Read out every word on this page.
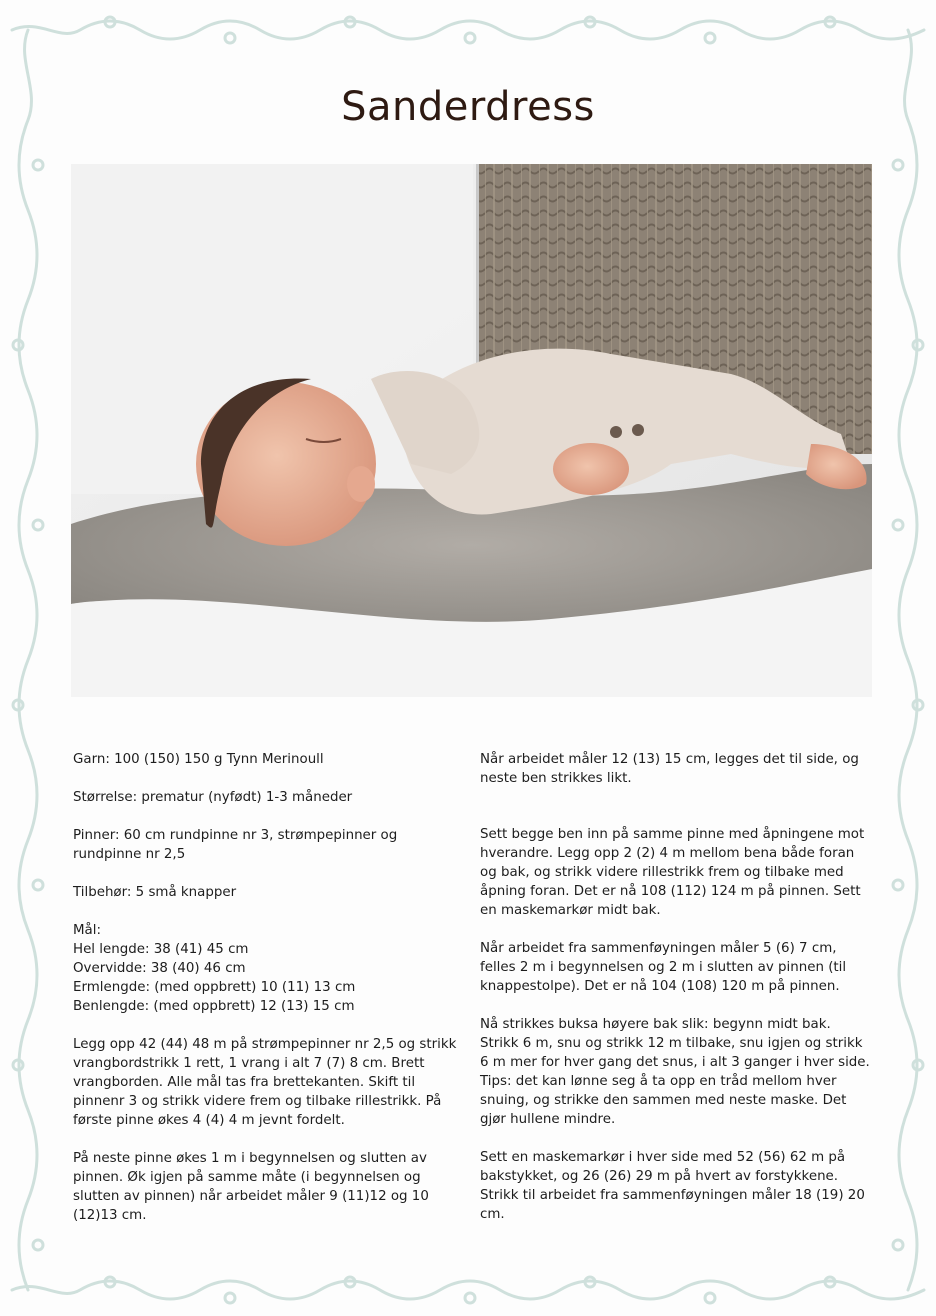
Sanderdress

Garn: 100 (150) 150 g Tynn Merinoull

Størrelse: prematur (nyfødt) 1-3 måneder

Pinner: 60 cm rundpinne nr 3, strømpepinner og rundpinne nr 2,5

Tilbehør: 5 små knapper

Mål:

Hel lengde: 38 (41) 45 cm

Overvidde: 38 (40) 46 cm

Ermlengde: (med oppbrett) 10 (11) 13 cm

Benlengde: (med oppbrett) 12 (13) 15 cm

Legg opp 42 (44) 48 m på strømpepinner nr 2,5 og strikk vrangbordstrikk 1 rett, 1 vrang i alt 7 (7) 8 cm. Brett vrangborden. Alle mål tas fra brettekanten. Skift til pinnenr 3 og strikk videre frem og tilbake rillestrikk. På første pinne økes 4 (4) 4 m jevnt fordelt.

På neste pinne økes 1 m i begynnelsen og slutten av pinnen. Øk igjen på samme måte (i begynnelsen og slutten av pinnen) når arbeidet måler 9 (11)12 og 10 (12)13 cm.

Når arbeidet måler 12 (13) 15 cm, legges det til side, og neste ben strikkes likt.

Sett begge ben inn på samme pinne med åpningene mot hverandre. Legg opp 2 (2) 4 m mellom bena både foran og bak, og strikk videre rillestrikk frem og tilbake med åpning foran. Det er nå 108 (112) 124 m på pinnen. Sett en maskemarkør midt bak.

Når arbeidet fra sammenføyningen måler 5 (6) 7 cm, felles 2 m i begynnelsen og 2 m i slutten av pinnen (til knappestolpe). Det er nå 104 (108) 120 m på pinnen.

Nå strikkes buksa høyere bak slik: begynn midt bak. Strikk 6 m, snu og strikk 12 m tilbake, snu igjen og strikk 6 m mer for hver gang det snus, i alt 3 ganger i hver side. Tips: det kan lønne seg å ta opp en tråd mellom hver snuing, og strikke den sammen med neste maske. Det gjør hullene mindre.

Sett en maskemarkør i hver side med 52 (56) 62 m på bakstykket, og 26 (26) 29 m på hvert av forstykkene. Strikk til arbeidet fra sammenføyningen måler 18 (19) 20 cm.
